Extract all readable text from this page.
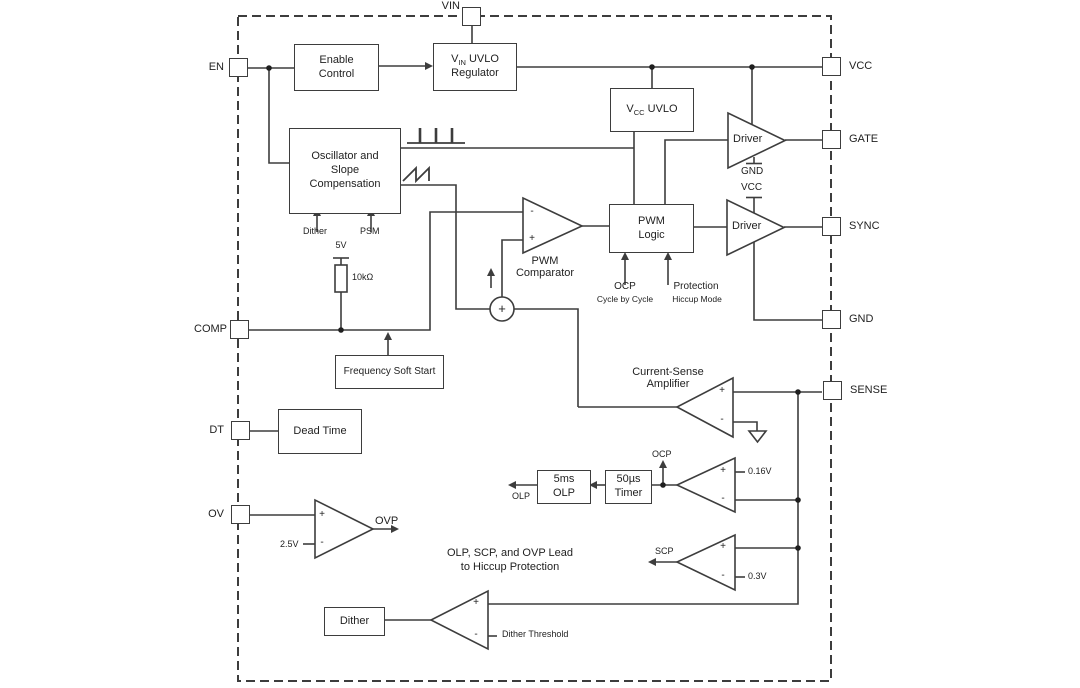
Enable
Control
$V_{IN}$ UVLO
Regulator
$V_{CC}$ UVLO
Oscillator and
Slope
Compensation
PWM
Logic
Frequency Soft Start
Dead Time
5ms
OLP
50µs
Timer
Dither
VIN
EN
COMP
DT
OV
VCC
GATE
SYNC
GND
SENSE
Driver
Driver
PWM
Comparator
Current-Sense
Amplifier
Dither	PSM
5V
10kΩ
OCP
Cycle by Cycle
Protection
Hiccup Mode
GND
VCC
OCP
0.16V
OLP
SCP
0.3V
2.5V
OVP
Dither Threshold
OLP, SCP, and OVP Lead
to Hiccup Protection
-
+
+
-
+
-
+
-
+
-
+
-
+
